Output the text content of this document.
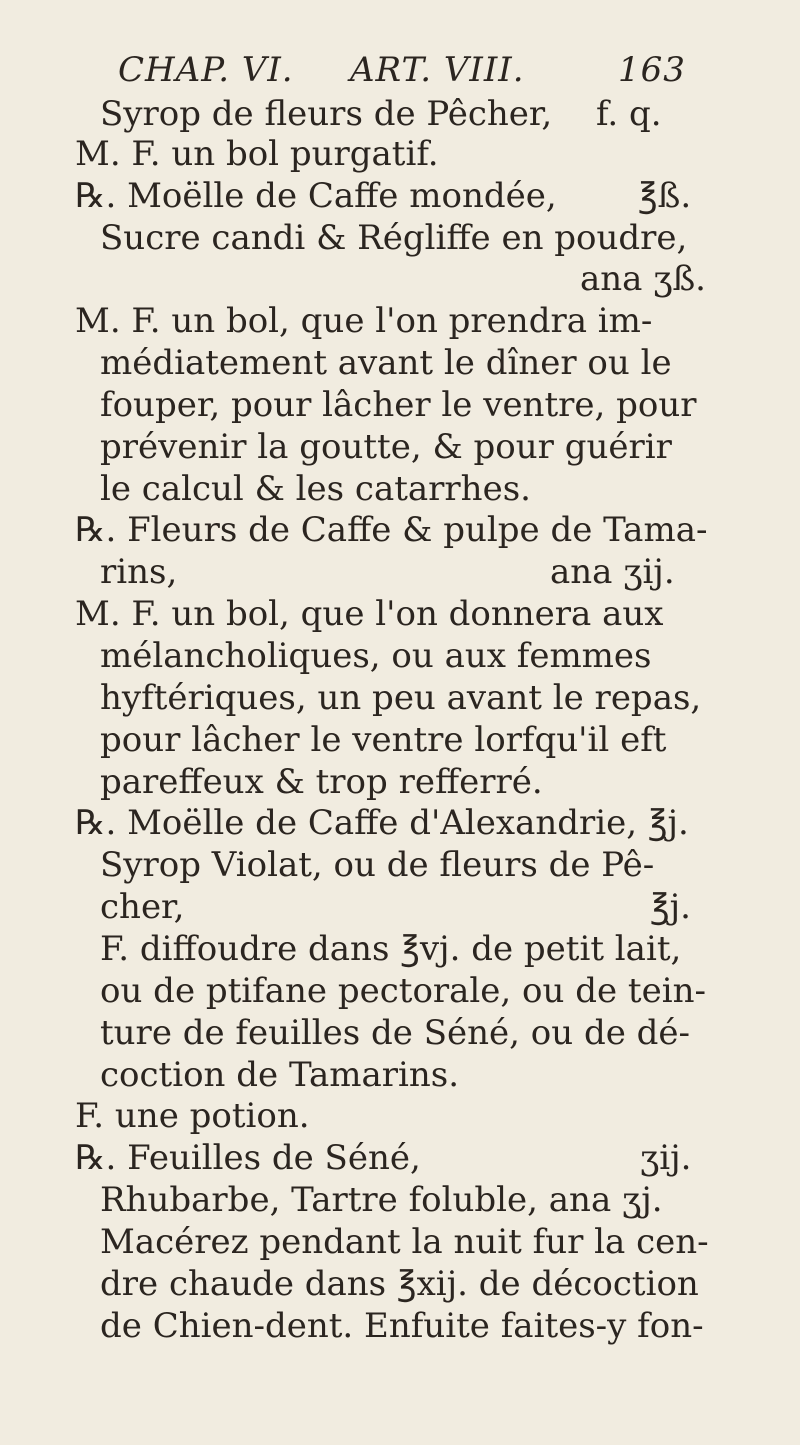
CHAP. VI. ART. VIII.	163
Syrop de fleurs de Pêcher, f. q.
M. F. un bol purgatif.
℞. Moëlle de Caffe mondée, ℥ß.
Sucre candi & Régliffe en poudre,
ana ʒß.
M. F. un bol, que l'on prendra im-
médiatement avant le dîner ou le
fouper, pour lâcher le ventre, pour
prévenir la goutte, & pour guérir
le calcul & les catarrhes.
℞. Fleurs de Caffe & pulpe de Tama-
rins,	ana ʒij.
M. F. un bol, que l'on donnera aux
mélancholiques, ou aux femmes
hyftériques, un peu avant le repas,
pour lâcher le ventre lorfqu'il eft
pareffeux & trop refferré.
℞. Moëlle de Caffe d'Alexandrie, ℥j.
Syrop Violat, ou de fleurs de Pê-
cher,	℥j.
F. diffoudre dans ℥vj. de petit lait,
ou de ptifane pectorale, ou de tein-
ture de feuilles de Séné, ou de dé-
coction de Tamarins.
F. une potion.
℞. Feuilles de Séné,	ʒij.
Rhubarbe, Tartre foluble, ana ʒj.
Macérez pendant la nuit fur la cen-
dre chaude dans ℥xij. de décoction
de Chien-dent. Enfuite faites-y fon-
